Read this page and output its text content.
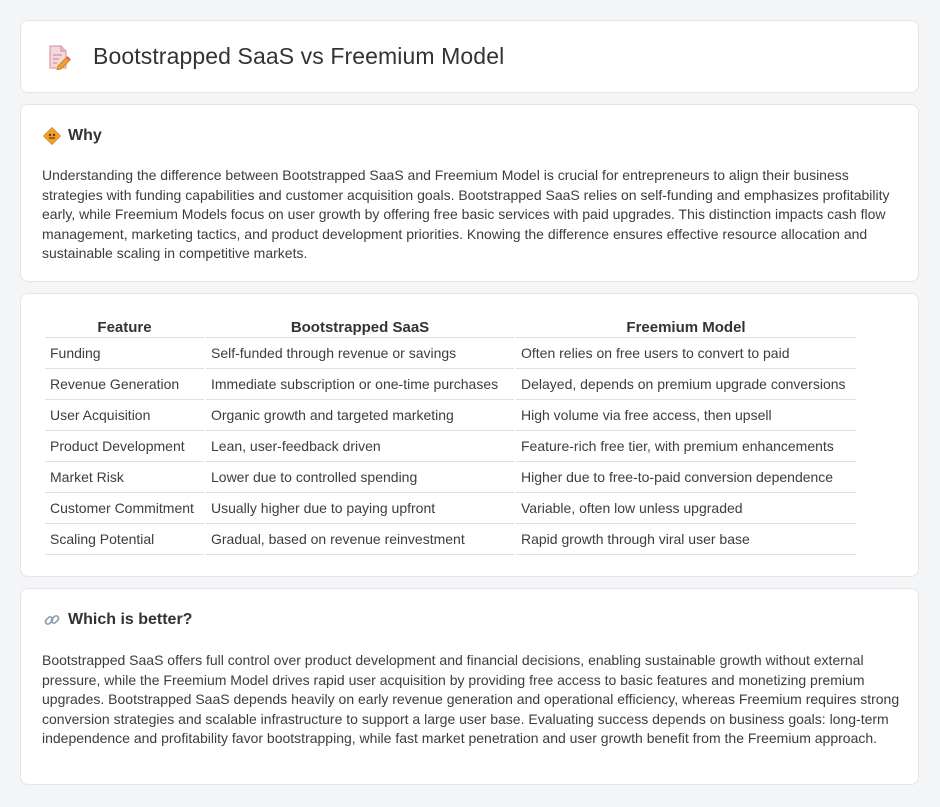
Bootstrapped SaaS vs Freemium Model
Why

Understanding the difference between Bootstrapped SaaS and Freemium Model is crucial for entrepreneurs to align their business strategies with funding capabilities and customer acquisition goals. Bootstrapped SaaS relies on self-funding and emphasizes profitability early, while Freemium Models focus on user growth by offering free basic services with paid upgrades. This distinction impacts cash flow management, marketing tactics, and product development priorities. Knowing the difference ensures effective resource allocation and sustainable scaling in competitive markets.

Feature	Bootstrapped SaaS	Freemium Model
Funding	Self-funded through revenue or savings	Often relies on free users to convert to paid
Revenue Generation	Immediate subscription or one-time purchases	Delayed, depends on premium upgrade conversions
User Acquisition	Organic growth and targeted marketing	High volume via free access, then upsell
Product Development	Lean, user-feedback driven	Feature-rich free tier, with premium enhancements
Market Risk	Lower due to controlled spending	Higher due to free-to-paid conversion dependence
Customer Commitment	Usually higher due to paying upfront	Variable, often low unless upgraded
Scaling Potential	Gradual, based on revenue reinvestment	Rapid growth through viral user base
Which is better?

Bootstrapped SaaS offers full control over product development and financial decisions, enabling sustainable growth without external pressure, while the Freemium Model drives rapid user acquisition by providing free access to basic features and monetizing premium upgrades. Bootstrapped SaaS depends heavily on early revenue generation and operational efficiency, whereas Freemium requires strong conversion strategies and scalable infrastructure to support a large user base. Evaluating success depends on business goals: long-term independence and profitability favor bootstrapping, while fast market penetration and user growth benefit from the Freemium approach.
